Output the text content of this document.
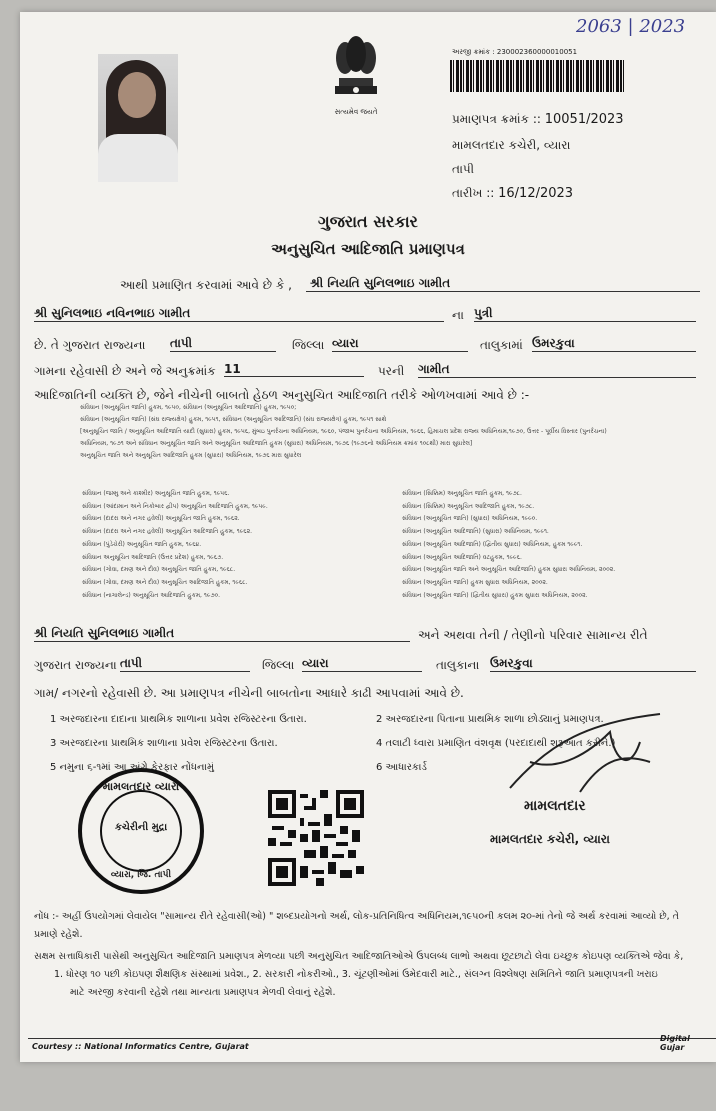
2063 | 2023
સત્યમેવ જયતે
અરજી ક્રમાંક : 230002360000010051
પ્રમાણપત્ર ક્રમાંક :: 10051/2023
મામલતદાર કચેરી, વ્યારા
તાપી
તારીખ :: 16/12/2023
ગુજરાત સરકાર
અનુસુચિત આદિજાતિ પ્રમાણપત્ર
આથી પ્રમાણિત કરવામાં આવે છે કે ,	શ્રી નિયતિ સુનિલભાઇ ગામીત
શ્રી સુનિલભાઇ નવિનભાઇ ગામીત	ના પુત્રી
છે. તે ગુજરાત રાજ્યના તાપી	જિલ્લા વ્યારા	તાલુકામાં ઉમરકુવા
ગામના રહેવાસી છે અને જે અનુક્રમાંક 11	પરની ગામીત
આદિજાતિની વ્યક્તિ છે, જેને નીચેની બાબતો હેઠળ અનુસુચિત આદિજાતિ તરીકે ઓળખવામાં આવે છે :-
સંવિધાન (અનુસૂચિત જાતિ) હુકમ, ૧૯૫૦, સંવિધાન (અનુસૂચિત આદિજાતિ) હુકમ, ૧૯૫૦;
સંવિધાન (અનુસૂચિત જાતિ) (સંઘ રાજ્યક્ષેત્ર) હુકમ, ૧૯૫૧, સંવિધાન (અનુસૂચિત આદિજાતિ) (સંઘ રાજ્યક્ષેત્ર) હુકમ, ૧૯૫૧ સાથે
[અનુસૂચિત જાતિ / અનુસૂચિત આદિજાતિ યાદી (સુધારા) હુકમ, ૧૯૫૬, મુંબઇ પુનર્રચના અધિનિયમ, ૧૯૬૦, પંજાબ પુનર્રચના અધિનિયમ, ૧૯૬૬, હિમાચલ પ્રદેશ રાજ્ય અધિનિયમ,૧૯૭૦, ઉત્તર - પૂર્વીય વિસ્તાર (પુનર્રચના)
અધિનિયમ, ૧૯૭૧ અને સંવિધાન અનુસૂચિત જાતિ અને અનુસૂચિત આદિજાતિ હુકમ (સુધારા) અધિનિયમ, ૧૯૭૬ (૧૯૭૬નો અધિનિયમ ક્રમાંક ૧૦૮થી) મારા સુધારેલ]
અનુસૂચિત જાતિ અને અનુસૂચિત આદિજાતિ હુકમ (સુધારા) અધિનિયમ, ૧૯૭૬ મારા સુધારેલ
સંવિધાન (જમ્મુ અને કાશ્મીર) અનુસૂચિત જાતિ હુકમ, ૧૯૫૬.
સંવિધાન (આંદામાન અને નિકોબાર દ્વીપ) અનુસૂચિત આદિજાતિ હુકમ, ૧૯૫૯.
સંવિધાન (દાદરા અને નગર હવેલી) અનુસૂચિત જાતિ હુકમ, ૧૯૬૨.
સંવિધાન (દાદરા અને નગર હવેલી) અનુસૂચિત આદિજાતિ હુકમ, ૧૯૬૨.
સંવિધાન (પુંડેચેરી) અનુસૂચિત જાતિ હુકમ, ૧૯૬૪.
સંવિધાન અનુસૂચિત આદિજાતિ (ઉત્તર પ્રદેશ) હુકમ, ૧૯૬૭.
સંવિધાન (ગોવા, દમણ અને દીવ) અનુસૂચિત જાતિ હુકમ, ૧૯૬૮.
સંવિધાન (ગોવા, દમણ અને દીવ) અનુસૂચિત આદિજાતિ હુકમ, ૧૯૬૮.
સંવિધાન (નાગાલેન્ડ) અનુસૂચિત આદિજાતિ હુકમ, ૧૯૭૦.
સંવિધાન (સિક્કિમ) અનુસૂચિત જાતિ હુકમ, ૧૯૭૮.
સંવિધાન (સિક્કિમ) અનુસૂચિત આદિજાતિ હુકમ, ૧૯૭૮.
સંવિધાન (અનુસૂચિત જાતિ) (સુધારા) અધિનિયમ, ૧૯૯૦.
સંવિધાન (અનુસૂચિત આદિજાતિ) (સુધારા) અધિનિયમ, ૧૯૯૧.
સંવિધાન (અનુસૂચિત આદિજાતિ) (દ્વિતીય સુધારા) અધિનિયમ, હુકમ ૧૯૯૧.
સંવિધાન (અનુસૂચિત આદિજાતિ) વટહુકમ, ૧૯૯૬.
સંવિધાન (અનુસૂચિત જાતિ અને અનુસૂચિત આદિજાતિ) હુકમ સુધારા અધિનિયમ, ૨૦૦૨.
સંવિધાન (અનુસૂચિત જાતિ) હુકમ સુધારા અધિનિયમ, ૨૦૦૨.
સંવિધાન (અનુસૂચિત જાતિ) (દ્વિતીય સુધારા) હુકમ સુધારા અધિનિયમ, ૨૦૦૨.
શ્રી નિયતિ સુનિલભાઇ ગામીત	અને અથવા તેની / તેણીનો પરિવાર સામાન્ય રીતે
ગુજરાત રાજ્યના તાપી	જિલ્લા વ્યારા	તાલુકાના ઉમરકુવા
ગામ/ નગરનો રહેવાસી છે. આ પ્રમાણપત્ર નીચેની બાબતોના આધારે કાઢી આપવામાં આવે છે.
1 અરજદારના દાદાના પ્રાથમિક શાળાના પ્રવેશ રજિસ્ટરના ઉતારા.	2 અરજદારના પિતાના પ્રાથમિક શાળા છોડ્યાનું પ્રમાણપત્ર.
3 અરજદારના પ્રાથમિક શાળાના પ્રવેશ રજિસ્ટરના ઉતારા.	4 તલાટી ધ્વારા પ્રમાણિત વંશવૃક્ષ (પરદાદાથી શરૂઆત કરીને.)
5 નમુના ૬-૧માં આ અંગે ફેરફાર નોંધનામું	6 આધારકાર્ડ
મામલતદાર વ્યારા
કચેરીની મુદ્રા
વ્યારા, જિ. તાપી
મામલતદાર
મામલતદાર કચેરી, વ્યારા
નોંધ :- અહીં ઉપયોગમાં લેવાયેલ "સામાન્ય રીતે રહેવાસી(ઓ) " શબ્દપ્રયોગનો અર્થ, લોક-પ્રતિનિધિત્વ અધિનિયમ,૧૯૫૦ની કલમ ૨૦-માં તેનો જે અર્થ કરવામાં આવ્યો છે, તે
પ્રમાણે રહેશે.
સક્ષમ સત્તાધિકારી પાસેથી અનુસુચિત આદિજાતિ પ્રમાણપત્ર મેળવ્યા પછી અનુસુચિત આદિજાતિઓએ ઉપલબ્ધ લાભો અથવા છૂટછાટો લેવા ઇચ્છુક કોઇપણ વ્યક્તિએ જેવા કે,
1. ધોરણ ૧૦ પછી કોઇપણ શૈક્ષણિક સંસ્થામાં પ્રવેશ., 2. સરકારી નોકરીઓ., 3. ચૂંટણીઓમાં ઉમેદવારી માટે., સંલગ્ન વિશ્લેષણ સમિતિને જાતિ પ્રમાણપત્રની ખરાઇ
માટે અરજી કરવાની રહેશે તથા માન્યતા પ્રમાણપત્ર મેળવી લેવાનું રહેશે.
Courtesy :: National Informatics Centre, Gujarat
Digital Gujar
